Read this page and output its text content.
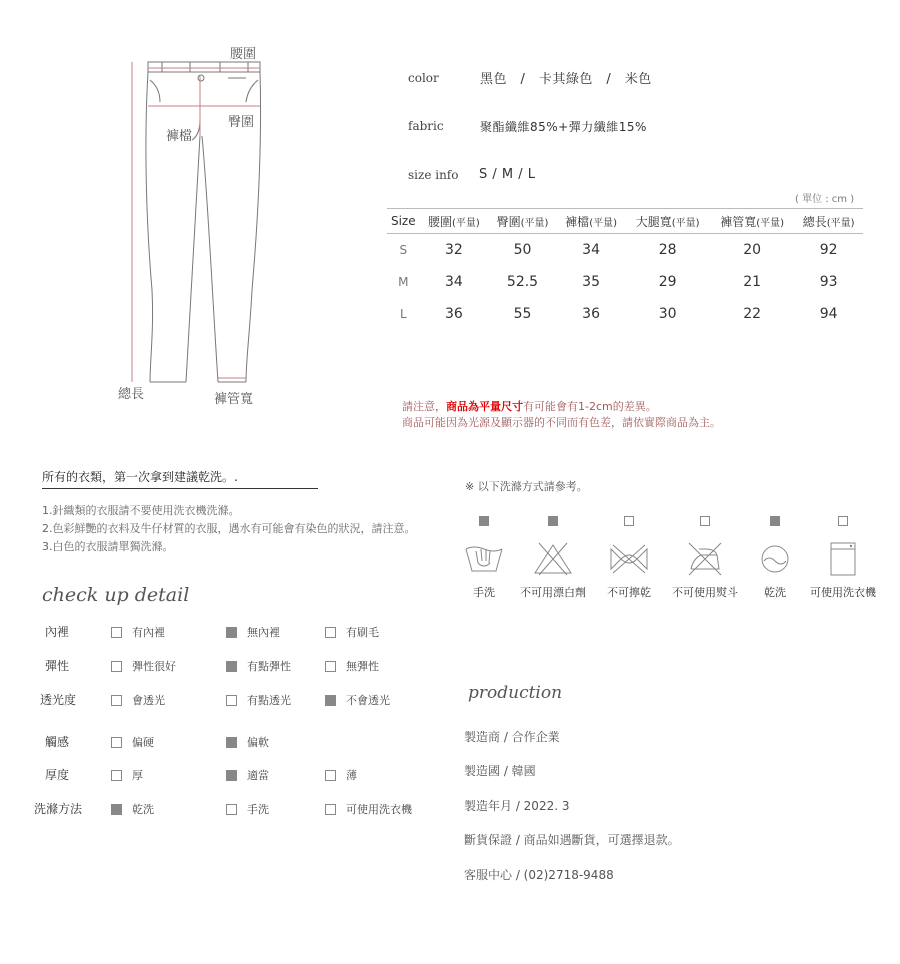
腰圍
臀圍
褲檔
總長	褲管寬
color	黑色　/　卡其綠色　/　米色
fabric	聚酯纖維85%+彈力纖維15%
size info S / M / L
( 單位 : cm )
Size	腰圍(平量)	臀圍(平量)	褲檔(平量)	大腿寬(平量)	褲管寬(平量)	總長(平量)
S	32	50	34	28	20	92
M	34	52.5	35	29	21	93
L	36	55	36	30	22	94
請注意，商品為平量尺寸有可能會有1-2cm的差異。
商品可能因為光源及顯示器的不同而有色差，請依實際商品為主。
所有的衣類，第一次拿到建議乾洗。.
1.針織類的衣服請不要使用洗衣機洗滌。
2.色彩鮮艷的衣料及牛仔材質的衣服，遇水有可能會有染色的狀況，請注意。
3.白色的衣服請單獨洗滌。
check up detail
內裡	有內裡	無內裡	有刷毛
彈性	彈性很好	有點彈性	無彈性
透光度	會透光	有點透光	不會透光
觸感	偏硬	偏軟
厚度	厚	適當	薄
洗滌方法	乾洗	手洗	可使用洗衣機
※ 以下洗滌方式請參考。
手洗	不可用漂白劑	不可擰乾	不可使用熨斗	乾洗	可使用洗衣機
production
製造商 / 合作企業
製造國 / 韓國
製造年月 / 2022. 3
斷貨保證 / 商品如遇斷貨，可選擇退款。
客服中心 / (02)2718-9488
